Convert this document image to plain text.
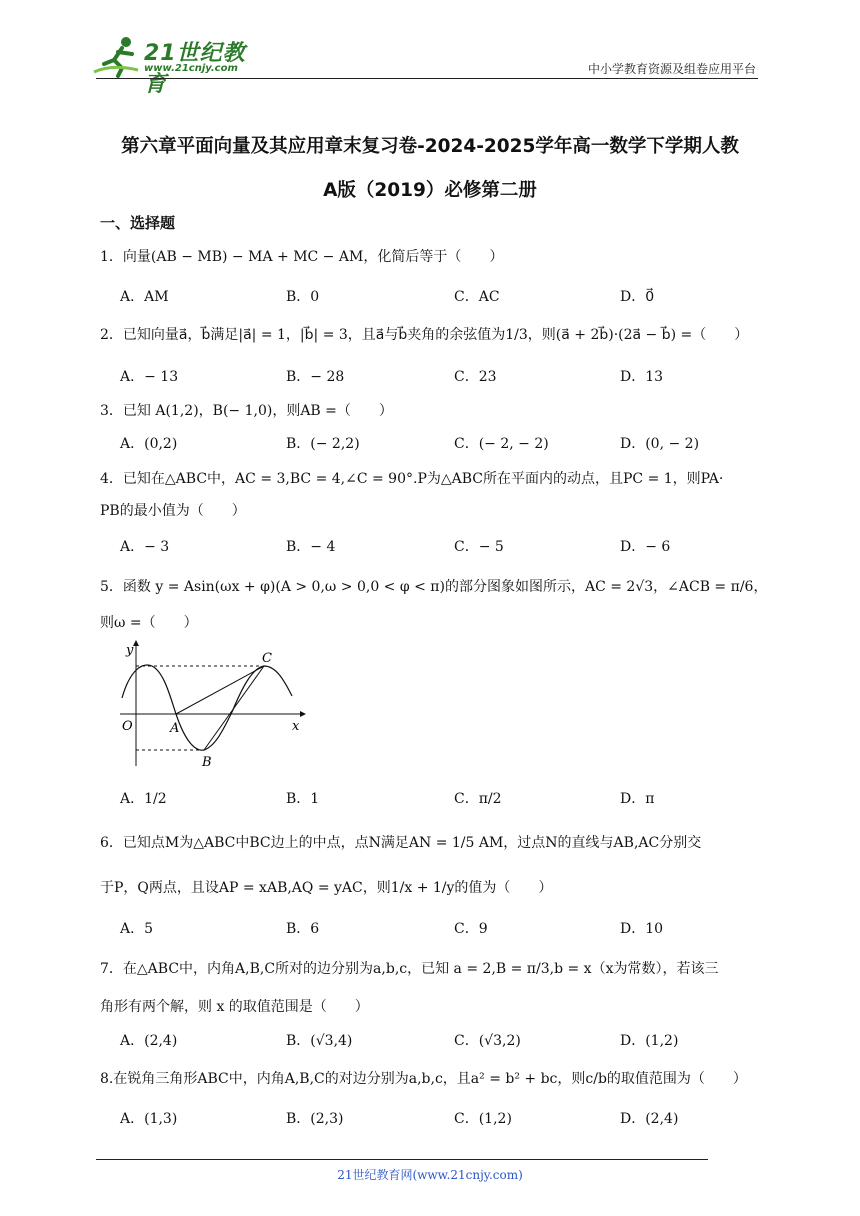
21世纪教育
www.21cnjy.com	中小学教育资源及组卷应用平台
第六章平面向量及其应用章末复习卷-2024-2025学年高一数学下学期人教
A版（2019）必修第二册
一、选择题
1．向量(AB − MB) − MA + MC − AM，化简后等于（　　）
A．AM	B．0	C．AC	D．0⃗
2．已知向量a⃗，b⃗满足|a⃗| = 1，|b⃗| = 3，且a⃗与b⃗夹角的余弦值为1/3，则(a⃗ + 2b⃗)·(2a⃗ − b⃗) =（　　）
A．− 13	B．− 28	C．23	D．13
3．已知 A(1,2)，B(− 1,0)，则AB =（　　）
A．(0,2)	B．(− 2,2)	C．(− 2, − 2)	D．(0, − 2)
4．已知在△ABC中，AC = 3,BC = 4,∠C = 90°.P为△ABC所在平面内的动点，且PC = 1，则PA·
PB的最小值为（　　）
A．− 3	B．− 4	C．− 5	D．− 6
5．函数 y = Asin(ωx + φ)(A > 0,ω > 0,0 < φ < π)的部分图象如图所示，AC = 2√3，∠ACB = π/6，
则ω =（　　）
y
x
O	A
B
C
A．1/2	B．1	C．π/2	D．π
6．已知点M为△ABC中BC边上的中点，点N满足AN = 1/5 AM，过点N的直线与AB,AC分别交
于P，Q两点，且设AP = xAB,AQ = yAC，则1/x + 1/y的值为（　　）
A．5	B．6	C．9	D．10
7．在△ABC中，内角A,B,C所对的边分别为a,b,c，已知 a = 2,B = π/3,b = x（x为常数），若该三
角形有两个解，则 x 的取值范围是（　　）
A．(2,4)	B．(√3,4)	C．(√3,2)	D．(1,2)
8.在锐角三角形ABC中，内角A,B,C的对边分别为a,b,c，且a² = b² + bc，则c/b的取值范围为（　　）
A．(1,3)	B．(2,3)	C．(1,2)	D．(2,4)
21世纪教育网(www.21cnjy.com)
